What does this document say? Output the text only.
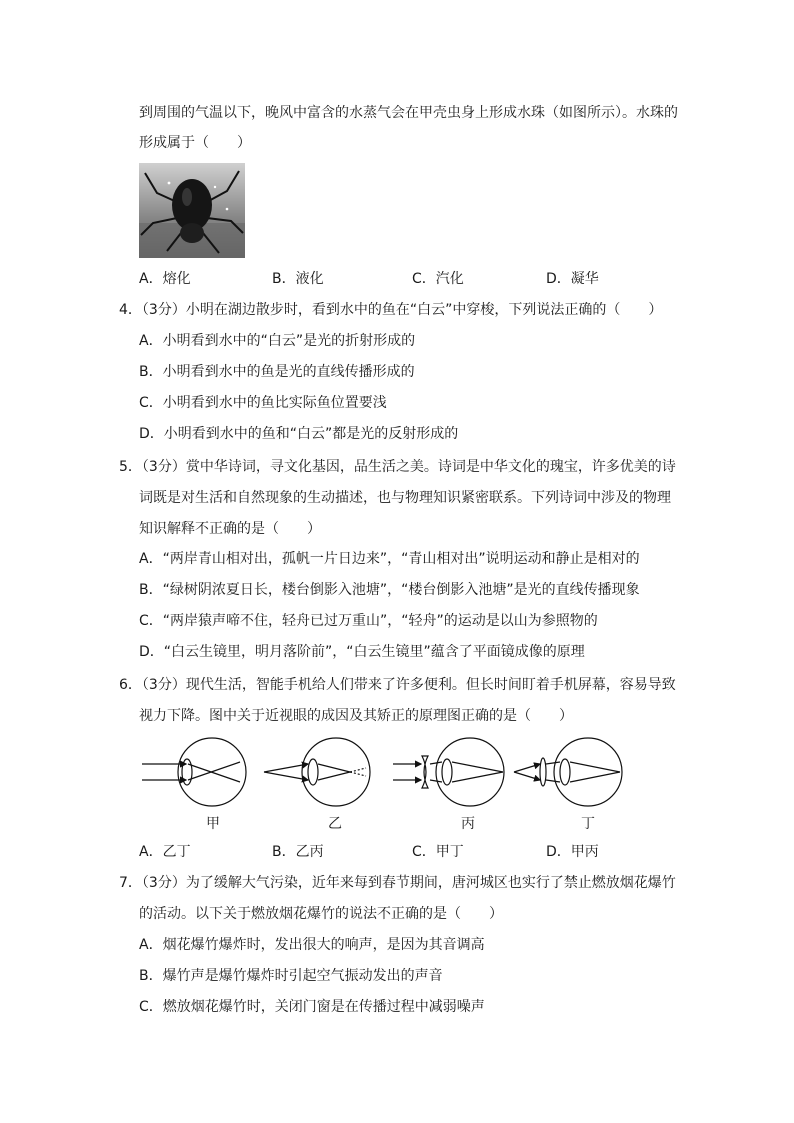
到周围的气温以下，晚风中富含的水蒸气会在甲壳虫身上形成水珠（如图所示）。水珠的
形成属于（　　）
A．熔化	B．液化	C．汽化	D．凝华
4．（3分）小明在湖边散步时，看到水中的鱼在“白云”中穿梭，下列说法正确的（　　）
A．小明看到水中的“白云”是光的折射形成的
B．小明看到水中的鱼是光的直线传播形成的
C．小明看到水中的鱼比实际鱼位置要浅
D．小明看到水中的鱼和“白云”都是光的反射形成的
5．（3分）赏中华诗词，寻文化基因，品生活之美。诗词是中华文化的瑰宝，许多优美的诗
词既是对生活和自然现象的生动描述，也与物理知识紧密联系。下列诗词中涉及的物理
知识解释不正确的是（　　）
A．“两岸青山相对出，孤帆一片日边来”，“青山相对出”说明运动和静止是相对的
B．“绿树阴浓夏日长，楼台倒影入池塘”，“楼台倒影入池塘”是光的直线传播现象
C．“两岸猿声啼不住，轻舟已过万重山”，“轻舟”的运动是以山为参照物的
D．“白云生镜里，明月落阶前”，“白云生镜里”蕴含了平面镜成像的原理
6．（3分）现代生活，智能手机给人们带来了许多便利。但长时间盯着手机屏幕，容易导致
视力下降。图中关于近视眼的成因及其矫正的原理图正确的是（　　）
甲	乙	丙	丁
A．乙丁	B．乙丙	C．甲丁	D．甲丙
7．（3分）为了缓解大气污染，近年来每到春节期间，唐河城区也实行了禁止燃放烟花爆竹
的活动。以下关于燃放烟花爆竹的说法不正确的是（　　）
A．烟花爆竹爆炸时，发出很大的响声，是因为其音调高
B．爆竹声是爆竹爆炸时引起空气振动发出的声音
C．燃放烟花爆竹时，关闭门窗是在传播过程中减弱噪声
